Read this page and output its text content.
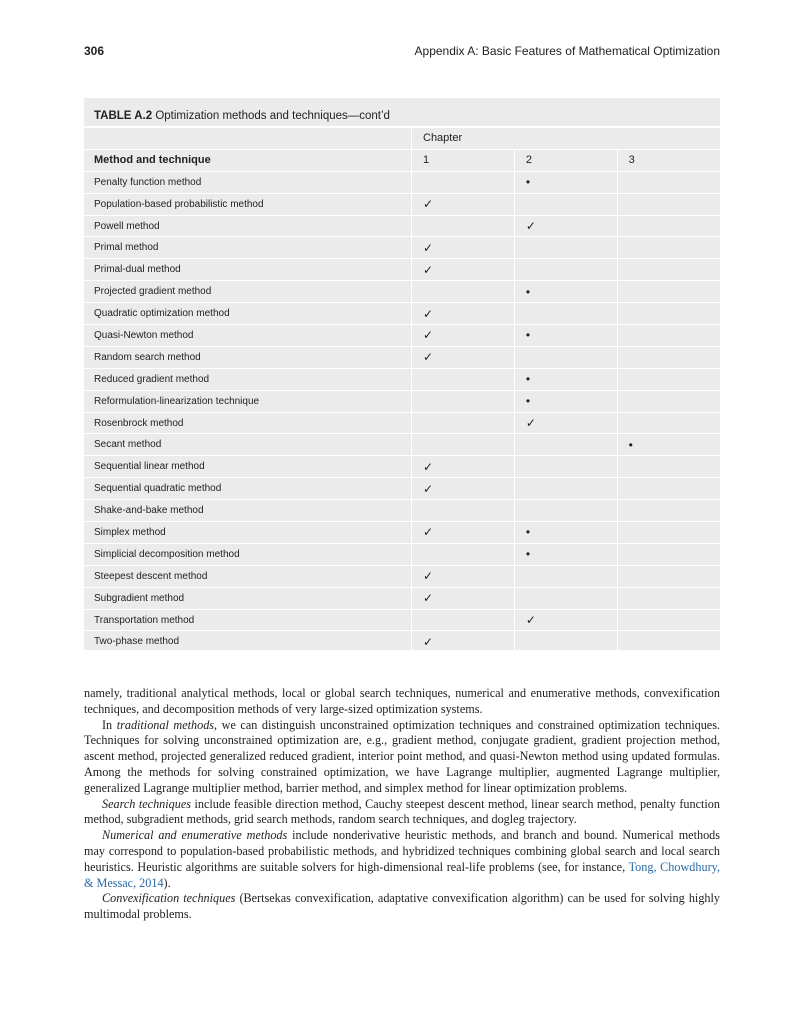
306	Appendix A: Basic Features of Mathematical Optimization
TABLE A.2 Optimization methods and techniques—cont’d
	Chapter		
Method and technique	1	2	3
Penalty function method		•	
Population-based probabilistic method	✓		
Powell method		✓	
Primal method	✓		
Primal-dual method	✓		
Projected gradient method		•	
Quadratic optimization method	✓		
Quasi-Newton method	✓	•	
Random search method	✓		
Reduced gradient method		•	
Reformulation-linearization technique		•	
Rosenbrock method		✓	
Secant method			•
Sequential linear method	✓		
Sequential quadratic method	✓		
Shake-and-bake method			
Simplex method	✓	•	
Simplicial decomposition method		•	
Steepest descent method	✓		
Subgradient method	✓		
Transportation method		✓	
Two-phase method	✓		

namely, traditional analytical methods, local or global search techniques, numerical and enumerative methods, convexification techniques, and decomposition methods of very large-sized optimization systems.

In traditional methods, we can distinguish unconstrained optimization techniques and constrained optimization techniques. Techniques for solving unconstrained optimization are, e.g., gradient method, conjugate gradient, gradient projection method, ascent method, projected generalized reduced gradient, interior point method, and quasi-Newton method using updated formulas. Among the methods for solving constrained optimization, we have Lagrange multiplier, augmented Lagrange multiplier, generalized Lagrange multiplier method, barrier method, and simplex method for linear optimization problems.

Search techniques include feasible direction method, Cauchy steepest descent method, linear search method, penalty function method, subgradient methods, grid search methods, random search techniques, and dogleg trajectory.

Numerical and enumerative methods include nonderivative heuristic methods, and branch and bound. Numerical methods may correspond to population-based probabilistic methods, and hybridized techniques combining global search and local search heuristics. Heuristic algorithms are suitable solvers for high-dimensional real-life problems (see, for instance, Tong, Chowdhury, & Messac, 2014).

Convexification techniques (Bertsekas convexification, adaptative convexification algorithm) can be used for solving highly multimodal problems.
